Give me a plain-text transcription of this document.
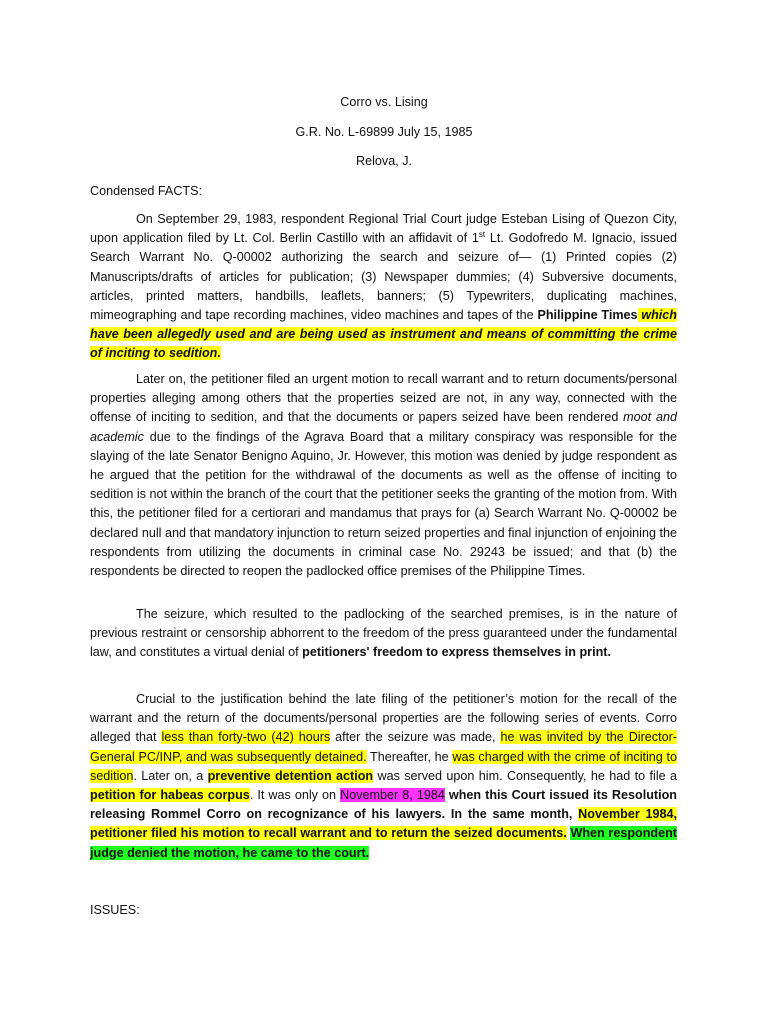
Corro vs. Lising

G.R. No. L-69899 July 15, 1985

Relova, J.

Condensed FACTS:

On September 29, 1983, respondent Regional Trial Court judge Esteban Lising of Quezon City, upon application filed by Lt. Col. Berlin Castillo with an affidavit of 1st Lt. Godofredo M. Ignacio, issued Search Warrant No. Q-00002 authorizing the search and seizure of— (1) Printed copies (2) Manuscripts/drafts of articles for publication; (3) Newspaper dummies; (4) Subversive documents, articles, printed matters, handbills, leaflets, banners; (5) Typewriters, duplicating machines, mimeographing and tape recording machines, video machines and tapes of the Philippine Times which have been allegedly used and are being used as instrument and means of committing the crime of inciting to sedition.

Later on, the petitioner filed an urgent motion to recall warrant and to return documents/personal properties alleging among others that the properties seized are not, in any way, connected with the offense of inciting to sedition, and that the documents or papers seized have been rendered moot and academic due to the findings of the Agrava Board that a military conspiracy was responsible for the slaying of the late Senator Benigno Aquino, Jr. However, this motion was denied by judge respondent as he argued that the petition for the withdrawal of the documents as well as the offense of inciting to sedition is not within the branch of the court that the petitioner seeks the granting of the motion from. With this, the petitioner filed for a certiorari and mandamus that prays for (a) Search Warrant No. Q-00002 be declared null and that mandatory injunction to return seized properties and final injunction of enjoining the respondents from utilizing the documents in criminal case No. 29243 be issued; and that (b) the respondents be directed to reopen the padlocked office premises of the Philippine Times.

The seizure, which resulted to the padlocking of the searched premises, is in the nature of previous restraint or censorship abhorrent to the freedom of the press guaranteed under the fundamental law, and constitutes a virtual denial of petitioners' freedom to express themselves in print.

Crucial to the justification behind the late filing of the petitioner’s motion for the recall of the warrant and the return of the documents/personal properties are the following series of events. Corro alleged that less than forty-two (42) hours after the seizure was made, he was invited by the Director-General PC/INP, and was subsequently detained. Thereafter, he was charged with the crime of inciting to sedition. Later on, a preventive detention action was served upon him. Consequently, he had to file a petition for habeas corpus. It was only on November 8, 1984 when this Court issued its Resolution releasing Rommel Corro on recognizance of his lawyers. In the same month, November 1984, petitioner filed his motion to recall warrant and to return the seized documents. When respondent judge denied the motion, he came to the court.

ISSUES:
